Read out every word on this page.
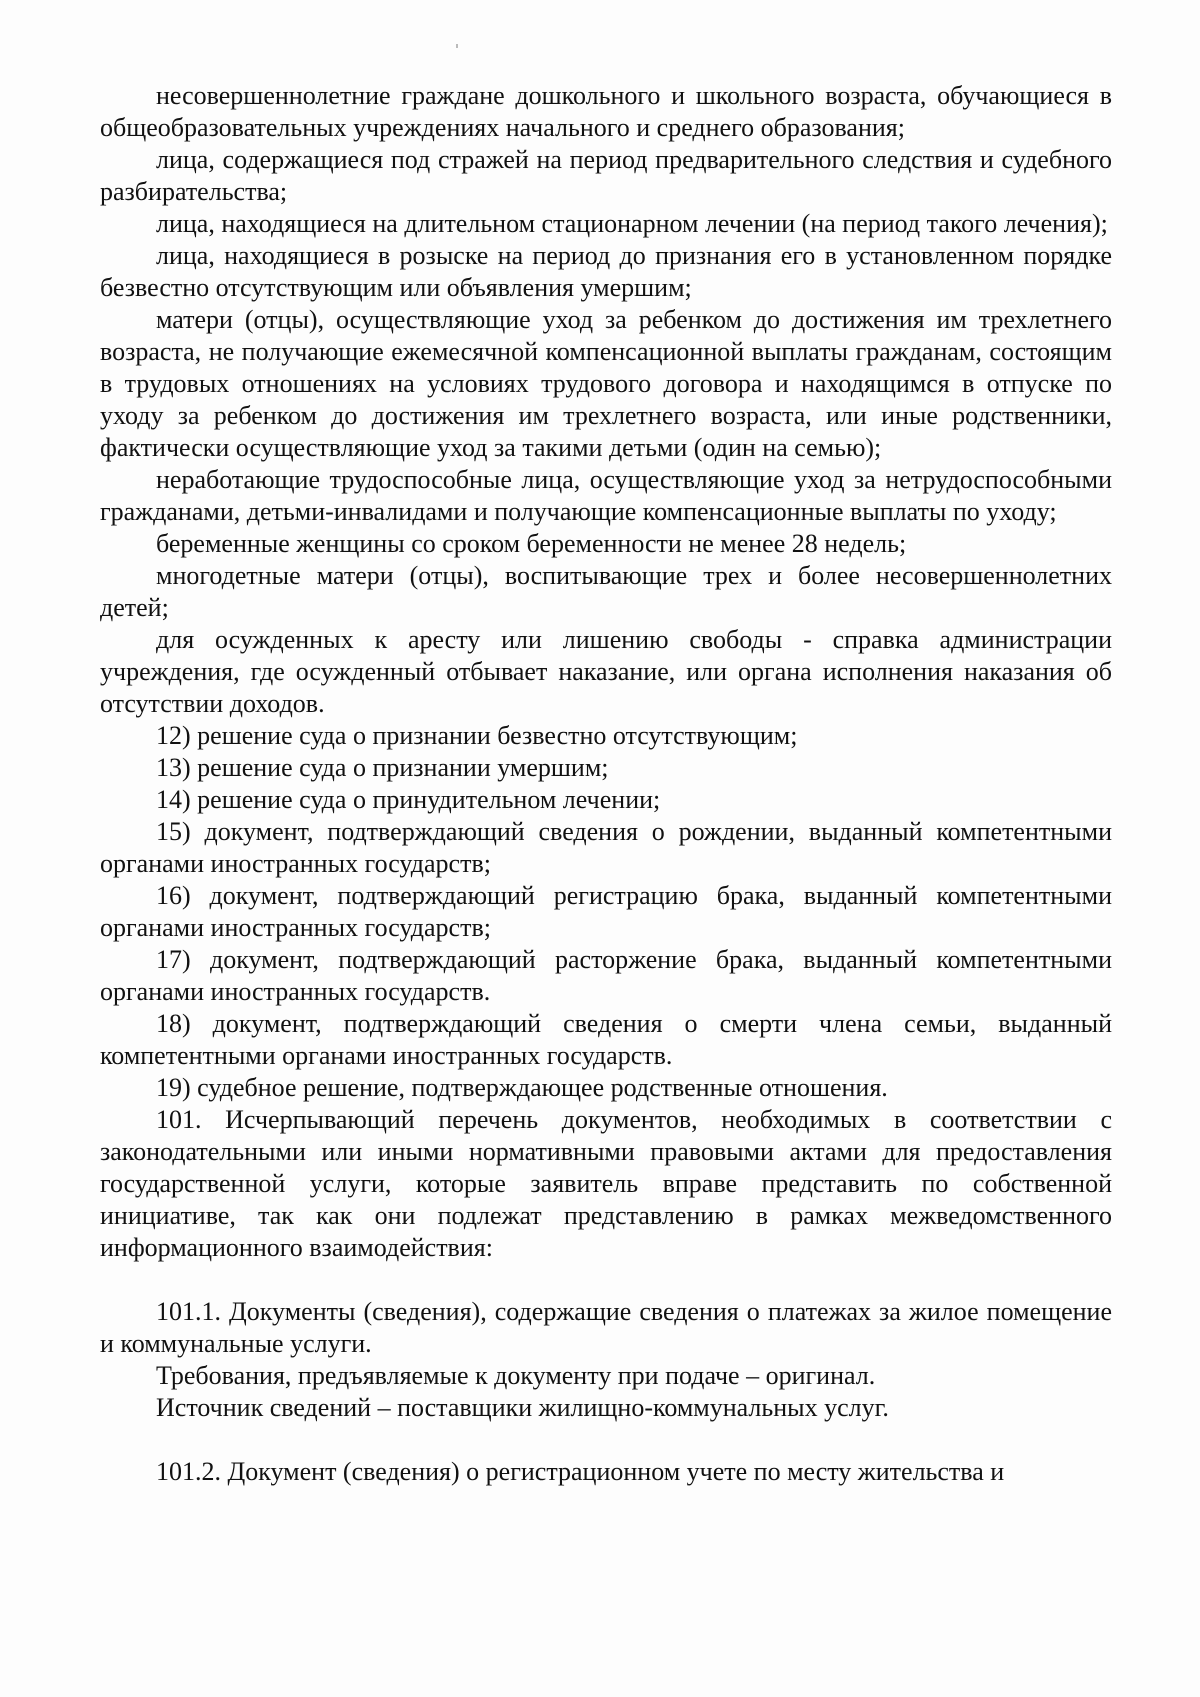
несовершеннолетние граждане дошкольного и школьного возраста, обучающиеся в общеобразовательных учреждениях начального и среднего образования;

лица, содержащиеся под стражей на период предварительного следствия и судебного разбирательства;

лица, находящиеся на длительном стационарном лечении (на период такого лечения);

лица, находящиеся в розыске на период до признания его в установленном порядке безвестно отсутствующим или объявления умершим;

матери (отцы), осуществляющие уход за ребенком до достижения им трехлетнего возраста, не получающие ежемесячной компенсационной выплаты гражданам, состоящим в трудовых отношениях на условиях трудового договора и находящимся в отпуске по уходу за ребенком до достижения им трехлетнего возраста, или иные родственники, фактически осуществляющие уход за такими детьми (один на семью);

неработающие трудоспособные лица, осуществляющие уход за нетрудоспособными гражданами, детьми-инвалидами и получающие компенсационные выплаты по уходу;

беременные женщины со сроком беременности не менее 28 недель;

многодетные матери (отцы), воспитывающие трех и более несовершеннолетних детей;

для осужденных к аресту или лишению свободы - справка администрации учреждения, где осужденный отбывает наказание, или органа исполнения наказания об отсутствии доходов.

12) решение суда о признании безвестно отсутствующим;

13) решение суда о признании умершим;

14) решение суда о принудительном лечении;

15) документ, подтверждающий сведения о рождении, выданный компетентными органами иностранных государств;

16) документ, подтверждающий регистрацию брака, выданный компетентными органами иностранных государств;

17) документ, подтверждающий расторжение брака, выданный компетентными органами иностранных государств.

18) документ, подтверждающий сведения о смерти члена семьи, выданный компетентными органами иностранных государств.

19) судебное решение, подтверждающее родственные отношения.

101. Исчерпывающий перечень документов, необходимых в соответствии с законодательными или иными нормативными правовыми актами для предоставления государственной услуги, которые заявитель вправе представить по собственной инициативе, так как они подлежат представлению в рамках межведомственного информационного взаимодействия:

101.1. Документы (сведения), содержащие сведения о платежах за жилое помещение и коммунальные услуги.

Требования, предъявляемые к документу при подаче – оригинал.

Источник сведений – поставщики жилищно-коммунальных услуг.

101.2. Документ (сведения) о регистрационном учете по месту жительства и
